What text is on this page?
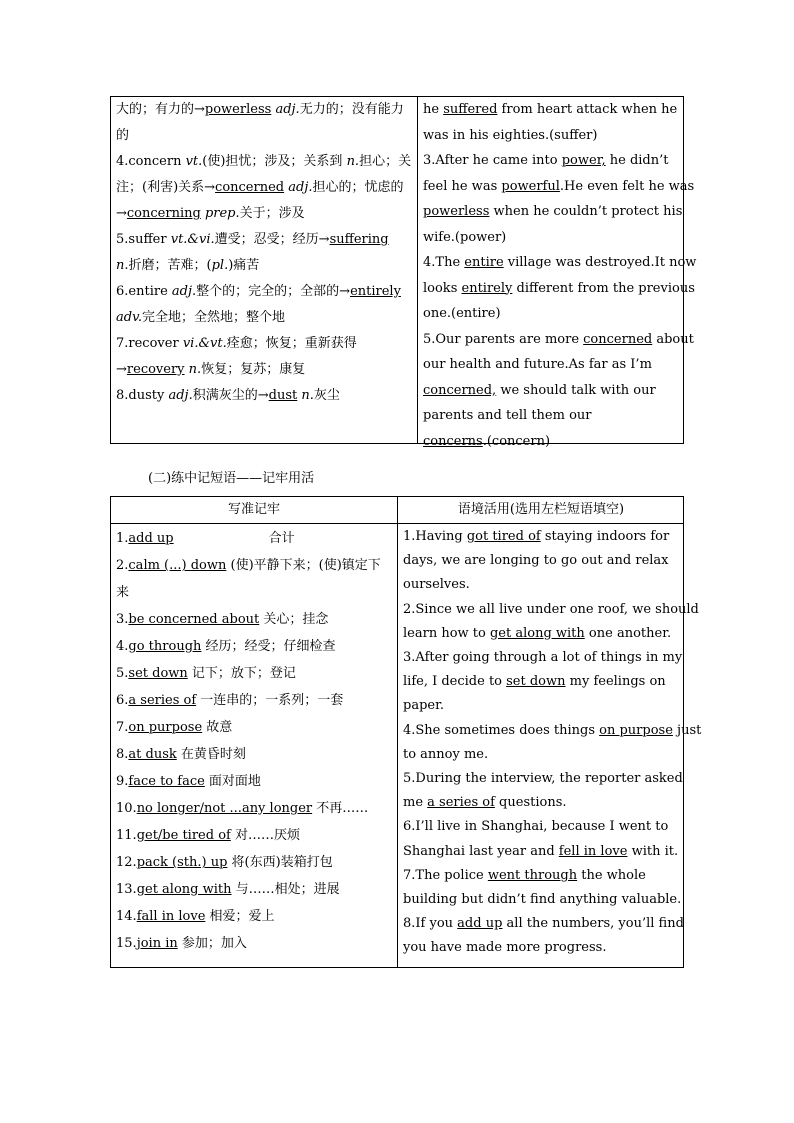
大的；有力的→powerless adj.无力的；没有能力

的

4.concern vt.(使)担忧；涉及；关系到 n.担心；关

注；(利害)关系→concerned adj.担心的；忧虑的

→concerning prep.关于；涉及

5.suffer vt.&vi.遭受；忍受；经历→suffering

n.折磨；苦难；(pl.)痛苦

6.entire adj.整个的；完全的；全部的→entirely

adv.完全地；全然地；整个地

7.recover vi.&vt.痊愈；恢复；重新获得

→recovery n.恢复；复苏；康复

8.dusty adj.积满灰尘的→dust n.灰尘

he suffered from heart attack when he

was in his eighties.(suffer)

3.After he came into power, he didn’t

feel he was powerful.He even felt he was

powerless when he couldn’t protect his

wife.(power)

4.The entire village was destroyed.It now

looks entirely different from the previous

one.(entire)

5.Our parents are more concerned about

our health and future.As far as I’m

concerned, we should talk with our

parents and tell them our

concerns.(concern)

(二)练中记短语——记牢用活
写准记牢	语境活用(选用左栏短语填空)

1.add up	合计

2.calm (...) down (使)平静下来；(使)镇定下

来

3.be concerned about 关心；挂念

4.go through 经历；经受；仔细检查

5.set down 记下；放下；登记

6.a series of 一连串的；一系列；一套

7.on purpose 故意

8.at dusk 在黄昏时刻

9.face to face 面对面地

10.no longer/not ...any longer 不再……

11.get/be tired of 对……厌烦

12.pack (sth.) up 将(东西)装箱打包

13.get along with 与……相处；进展

14.fall in love 相爱；爱上

15.join in 参加；加入

1.Having got tired of staying indoors for

days, we are longing to go out and relax

ourselves.

2.Since we all live under one roof, we should

learn how to get along with one another.

3.After going through a lot of things in my

life, I decide to set down my feelings on

paper.

4.She sometimes does things on purpose just

to annoy me.

5.During the interview, the reporter asked

me a series of questions.

6.I’ll live in Shanghai, because I went to

Shanghai last year and fell in love with it.

7.The police went through the whole

building but didn’t find anything valuable.

8.If you add up all the numbers, you’ll find

you have made more progress.
